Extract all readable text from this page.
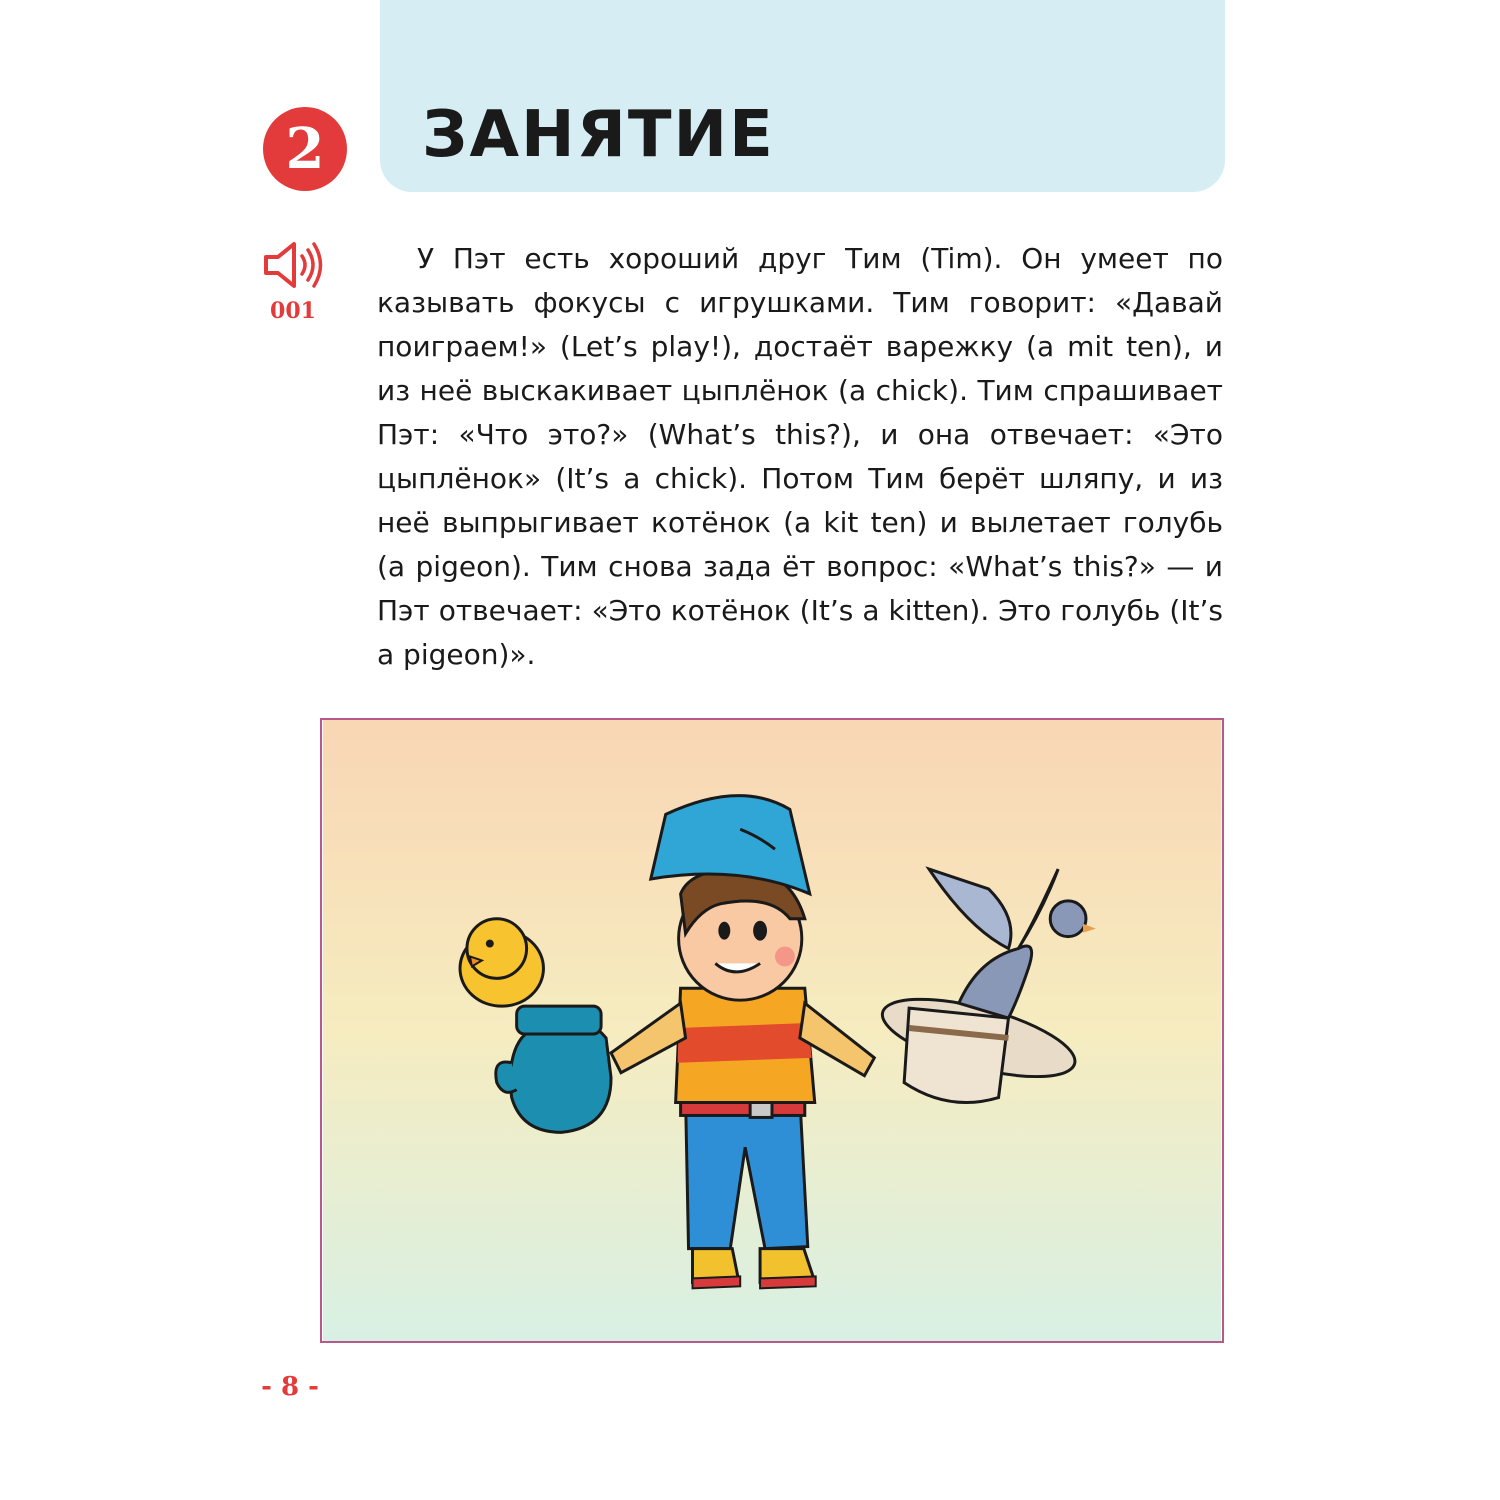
2 ЗАНЯТИЕ
001

У Пэт есть хороший друг Тим (Tim). Он умеет по казывать фокусы с игрушками. Тим говорит: «Давай поиграем!» (Let’s play!), достаёт варежку (a mit ten), и из неё выскакивает цыплёнок (a chick). Тим спрашивает Пэт: «Что это?» (What’s this?), и она отвечает: «Это цыплёнок» (It’s a chick). Потом Тим берёт шляпу, и из неё выпрыгивает котёнок (a kit ten) и вылетает голубь (a pigeon). Тим снова зада ёт вопрос: «What’s this?» — и Пэт отвечает: «Это котёнок (It’s a kitten). Это голубь (It’s a pigeon)».

- 8 -
